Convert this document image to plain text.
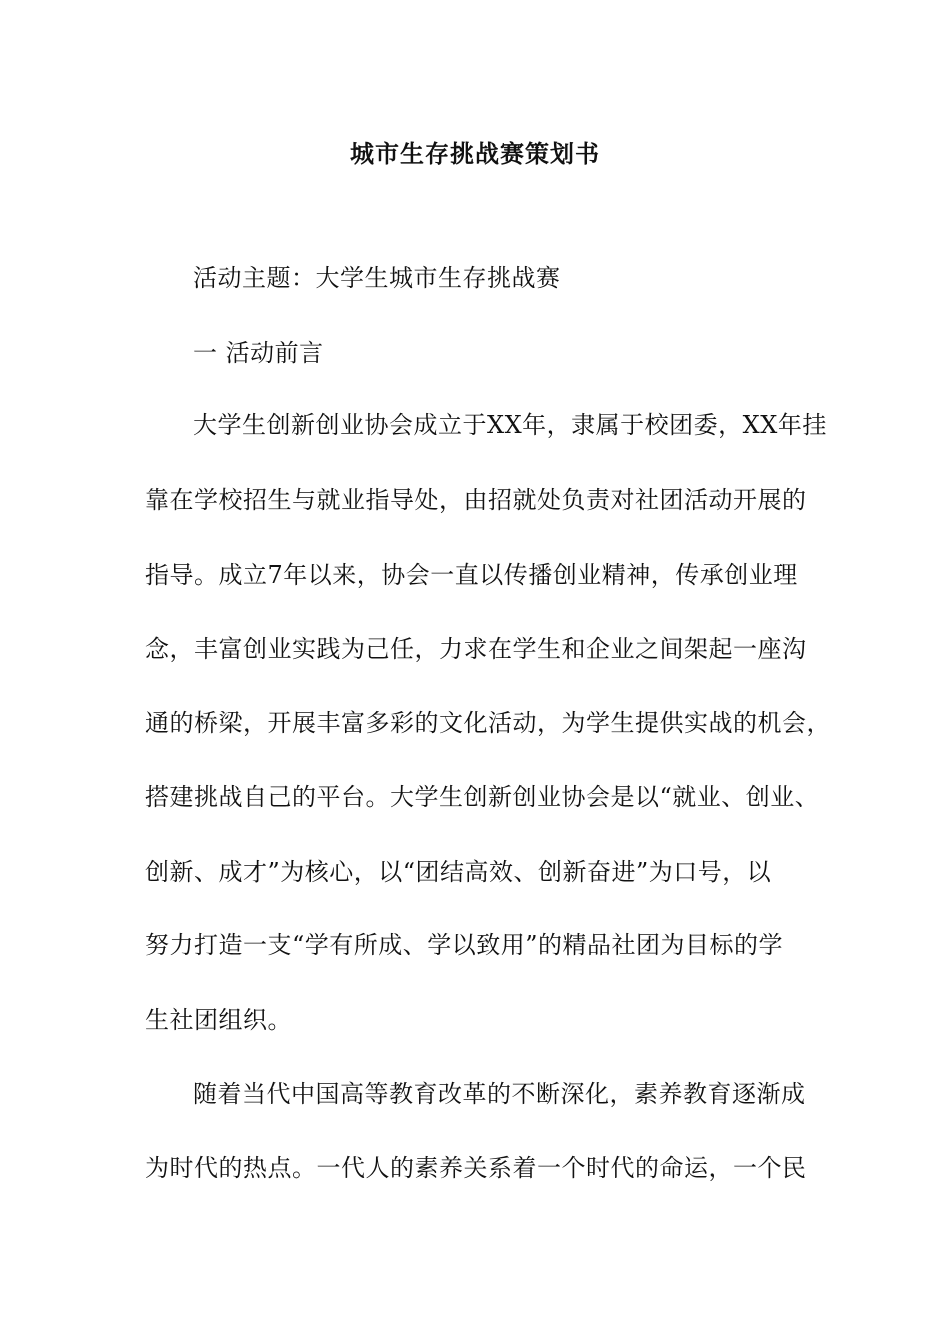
城市生存挑战赛策划书
活动主题：大学生城市生存挑战赛
一 活动前言
大学生创新创业协会成立于XX年，隶属于校团委，XX年挂
靠在学校招生与就业指导处，由招就处负责对社团活动开展的
指导。成立7年以来，协会一直以传播创业精神，传承创业理
念，丰富创业实践为己任，力求在学生和企业之间架起一座沟
通的桥梁，开展丰富多彩的文化活动，为学生提供实战的机会，
搭建挑战自己的平台。大学生创新创业协会是以“就业、创业、
创新、成才”为核心，以“团结高效、创新奋进”为口号，以
努力打造一支“学有所成、学以致用”的精品社团为目标的学
生社团组织。
随着当代中国高等教育改革的不断深化，素养教育逐渐成
为时代的热点。一代人的素养关系着一个时代的命运，一个民
